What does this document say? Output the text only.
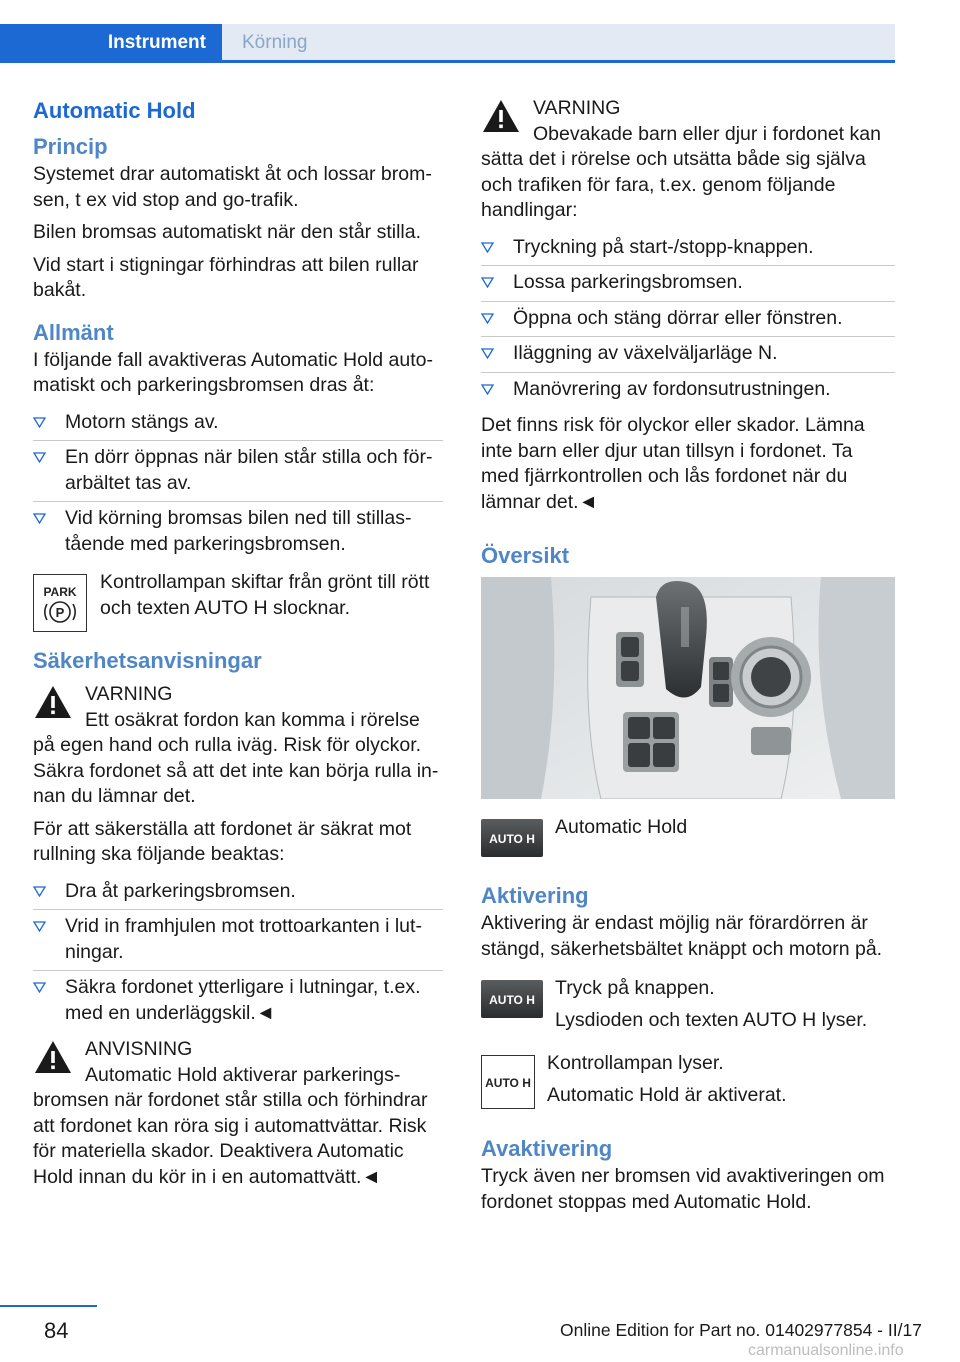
Instrument	Körning
Automatic Hold
Princip

Systemet drar automatiskt åt och lossar bromsen, t ex vid stop and go-trafik.

Bilen bromsas automatiskt när den står stilla.

Vid start i stigningar förhindras att bilen rullar bakåt.

Allmänt

I följande fall avaktiveras Automatic Hold automatiskt och parkeringsbromsen dras åt:

Motorn stängs av.
En dörr öppnas när bilen står stilla och förarbältet tas av.
Vid körning bromsas bilen ned till stillastående med parkeringsbromsen.
PARK
P
Kontrollampan skiftar från grönt till rött och texten AUTO H slocknar.
Säkerhetsanvisningar
VARNING

Ett osäkrat fordon kan komma i rörelse på egen hand och rulla iväg. Risk för olyckor. Säkra fordonet så att det inte kan börja rulla innan du lämnar det.

För att säkerställa att fordonet är säkrat mot rullning ska följande beaktas:

Dra åt parkeringsbromsen.
Vrid in framhjulen mot trottoarkanten i lutningar.
Säkra fordonet ytterligare i lutningar, t.ex. med en underläggskil.◄
ANVISNING

Automatic Hold aktiverar parkeringsbromsen när fordonet står stilla och förhindrar att fordonet kan röra sig i automattvättar. Risk för materiella skador. Deaktivera Automatic Hold innan du kör in i en automattvätt.◄

VARNING

Obevakade barn eller djur i fordonet kan sätta det i rörelse och utsätta både sig själva och trafiken för fara, t.ex. genom följande handlingar:

Tryckning på start-/stopp-knappen.
Lossa parkeringsbromsen.
Öppna och stäng dörrar eller fönstren.
Iläggning av växelväljarläge N.
Manövrering av fordonsutrustningen.

Det finns risk för olyckor eller skador. Lämna inte barn eller djur utan tillsyn i fordonet. Ta med fjärrkontrollen och lås fordonet när du lämnar det.◄

Översikt
AUTO H
Automatic Hold
Aktivering

Aktivering är endast möjlig när förardörren är stängd, säkerhetsbältet knäppt och motorn på.

AUTO H
Tryck på knappen.
Lysdioden och texten AUTO H lyser.
AUTO H
Kontrollampan lyser.
Automatic Hold är aktiverat.
Avaktivering

Tryck även ner bromsen vid avaktiveringen om fordonet stoppas med Automatic Hold.

84	Online Edition for Part no. 01402977854 - II/17
carmanualsonline.info
